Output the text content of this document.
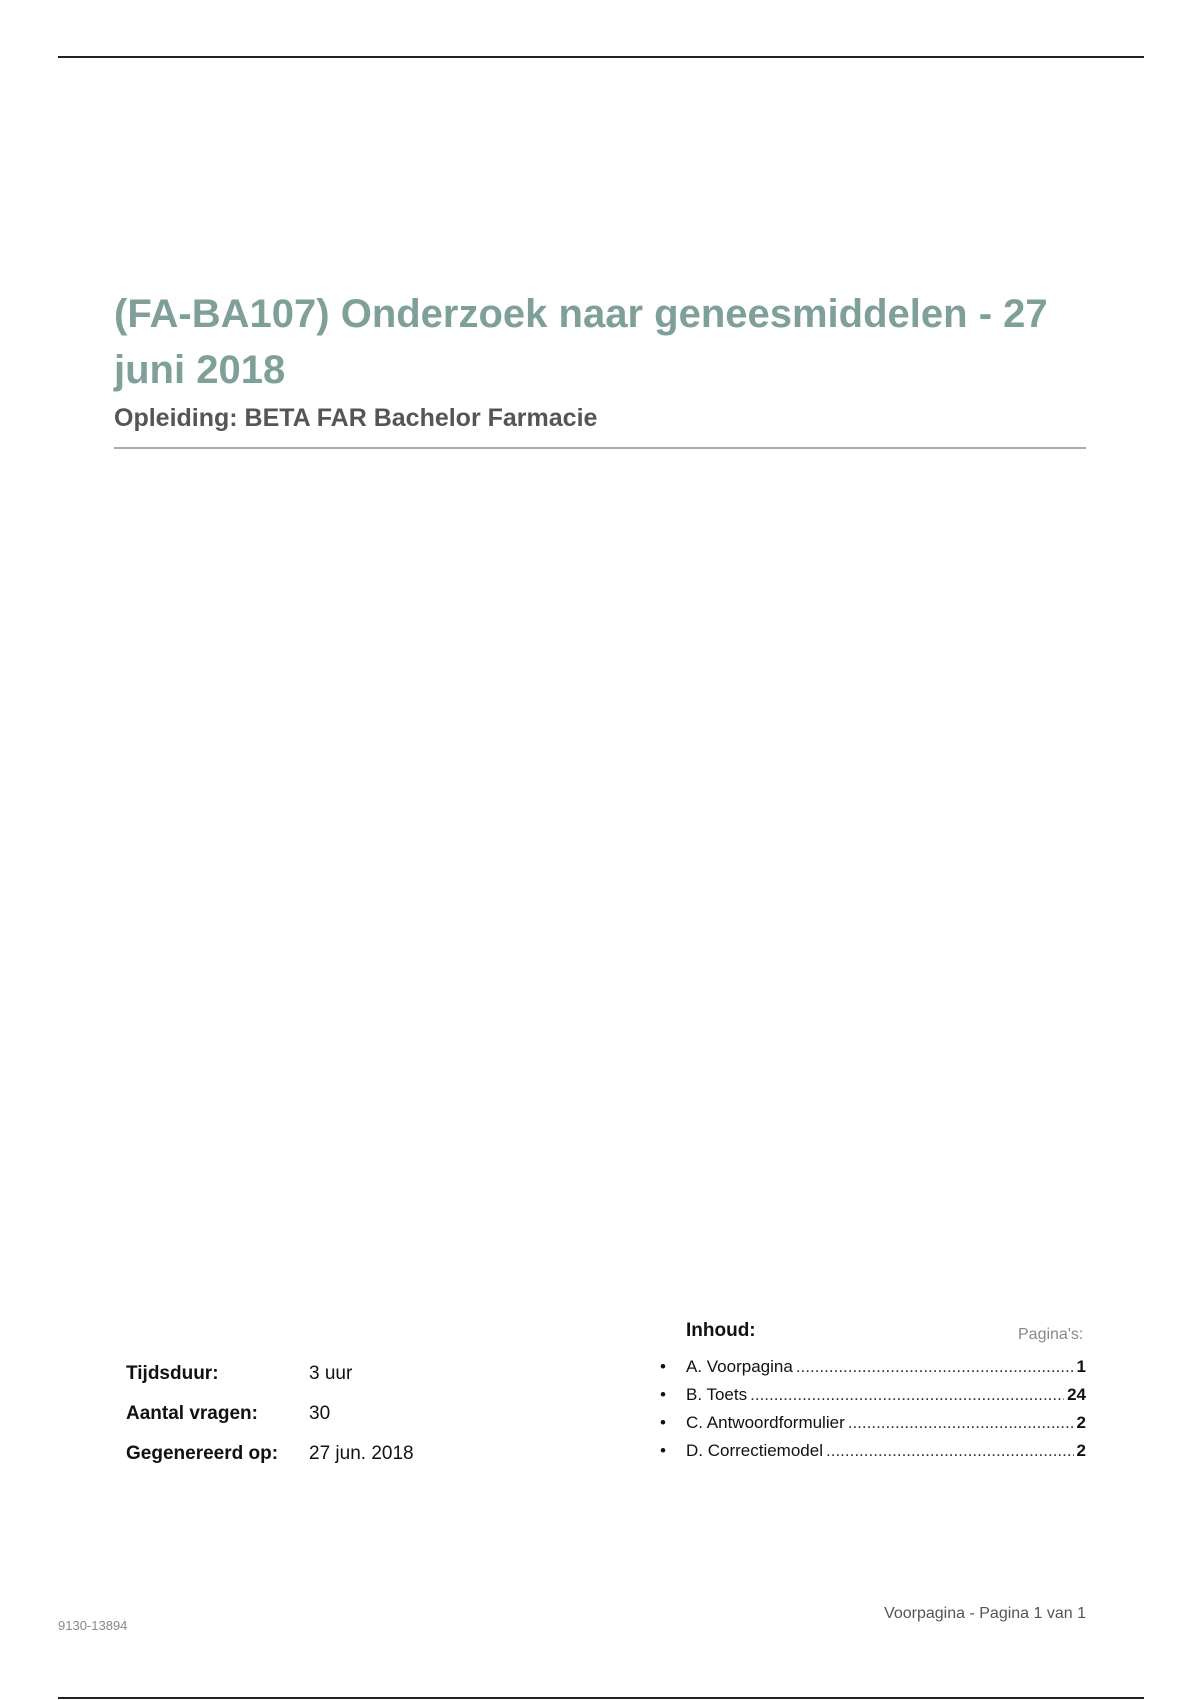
(FA-BA107) Onderzoek naar geneesmiddelen - 27 juni 2018
Opleiding: BETA FAR Bachelor Farmacie
Tijdsduur:	3 uur
Aantal vragen:	30
Gegenereerd op:	27 jun. 2018
Inhoud:	Pagina's:
•	A. Voorpagina .....	1
•	B. Toets .....	24
•	C. Antwoordformulier .....	2
•	D. Correctiemodel .....	2
9130-13894
Voorpagina - Pagina 1 van 1
